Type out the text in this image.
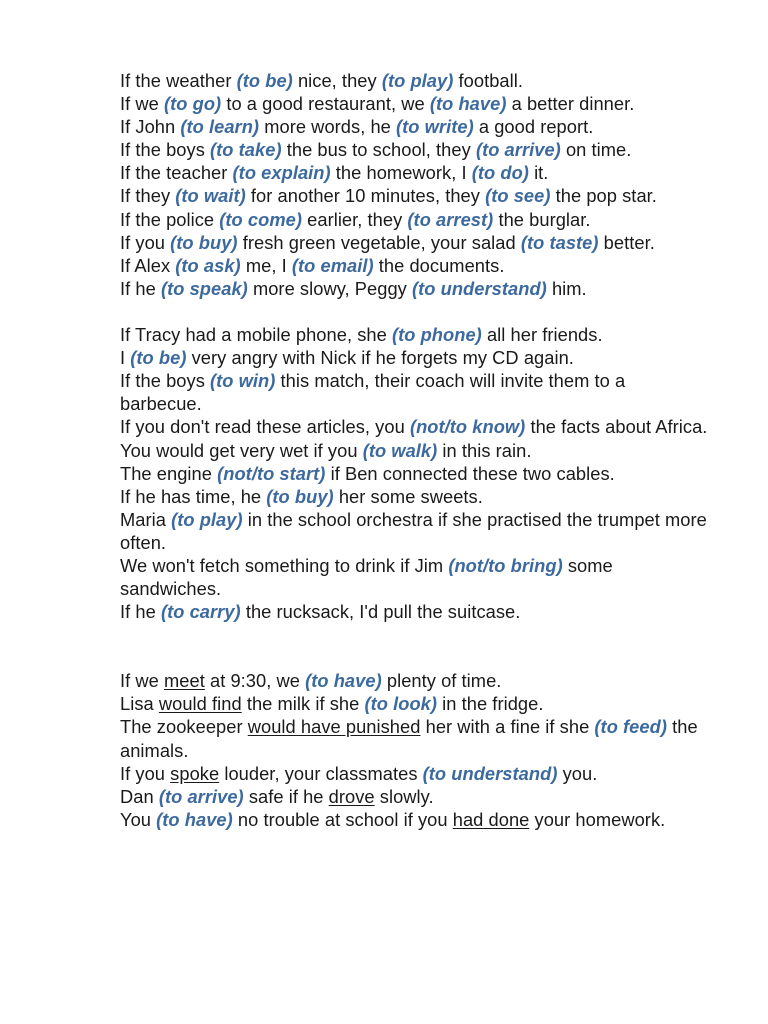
If the weather (to be) nice, they (to play) football.
If we (to go) to a good restaurant, we (to have) a better dinner.
If John (to learn) more words, he (to write) a good report.
If the boys (to take) the bus to school, they (to arrive) on time.
If the teacher (to explain) the homework, I (to do) it.
If they (to wait) for another 10 minutes, they (to see) the pop star.
If the police (to come) earlier, they (to arrest) the burglar.
If you (to buy) fresh green vegetable, your salad (to taste) better.
If Alex (to ask) me, I (to email) the documents.
If he (to speak) more slowy, Peggy (to understand) him.
If Tracy had a mobile phone, she (to phone) all her friends.
I (to be) very angry with Nick if he forgets my CD again.
If the boys (to win) this match, their coach will invite them to a barbecue.
If you don't read these articles, you (not/to know) the facts about Africa.
You would get very wet if you (to walk) in this rain.
The engine (not/to start) if Ben connected these two cables.
If he has time, he (to buy) her some sweets.
Maria (to play) in the school orchestra if she practised the trumpet more often.
We won't fetch something to drink if Jim (not/to bring) some sandwiches.
If he (to carry) the rucksack, I'd pull the suitcase.
If we meet at 9:30, we (to have) plenty of time.
Lisa would find the milk if she (to look) in the fridge.
The zookeeper would have punished her with a fine if she (to feed) the animals.
If you spoke louder, your classmates (to understand) you.
Dan (to arrive) safe if he drove slowly.
You (to have) no trouble at school if you had done your homework.
